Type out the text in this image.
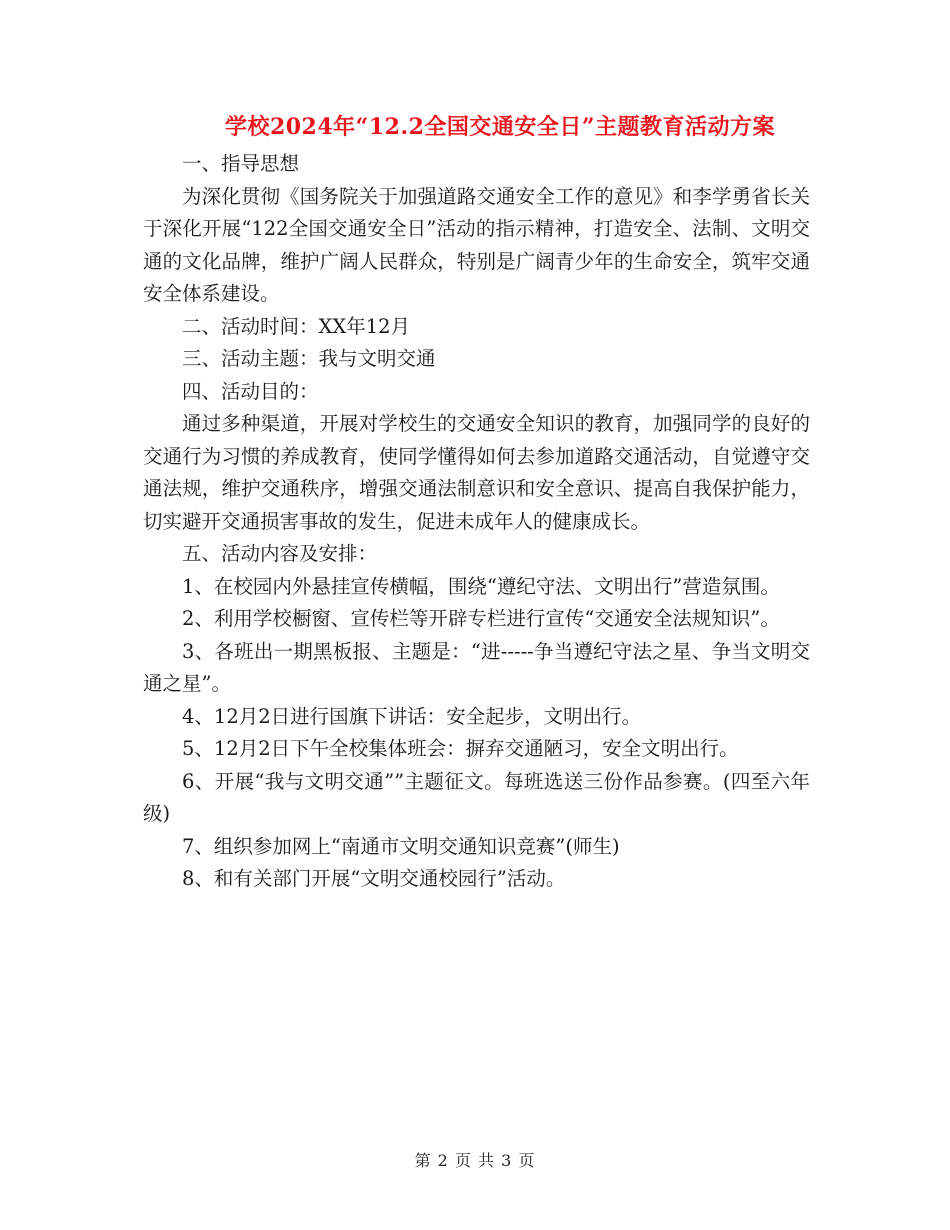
学校2024年“12.2全国交通安全日”主题教育活动方案

一、指导思想

为深化贯彻《国务院关于加强道路交通安全工作的意见》和李学勇省长关于深化开展“122全国交通安全日”活动的指示精神，打造安全、法制、文明交通的文化品牌，维护广阔人民群众，特别是广阔青少年的生命安全，筑牢交通安全体系建设。

二、活动时间：XX年12月

三、活动主题：我与文明交通

四、活动目的：

通过多种渠道，开展对学校生的交通安全知识的教育，加强同学的良好的交通行为习惯的养成教育，使同学懂得如何去参加道路交通活动，自觉遵守交通法规，维护交通秩序，增强交通法制意识和安全意识、提高自我保护能力，切实避开交通损害事故的发生，促进未成年人的健康成长。

五、活动内容及安排：

1、在校园内外悬挂宣传横幅，围绕“遵纪守法、文明出行”营造氛围。

2、利用学校橱窗、宣传栏等开辟专栏进行宣传“交通安全法规知识”。

3、各班出一期黑板报、主题是：“进-----争当遵纪守法之星、争当文明交通之星”。

4、12月2日进行国旗下讲话：安全起步，文明出行。

5、12月2日下午全校集体班会：摒弃交通陋习，安全文明出行。

6、开展“我与文明交通””主题征文。每班选送三份作品参赛。(四至六年级)

7、组织参加网上“南通市文明交通知识竞赛”(师生)

8、和有关部门开展“文明交通校园行”活动。

第 2 页 共 3 页
